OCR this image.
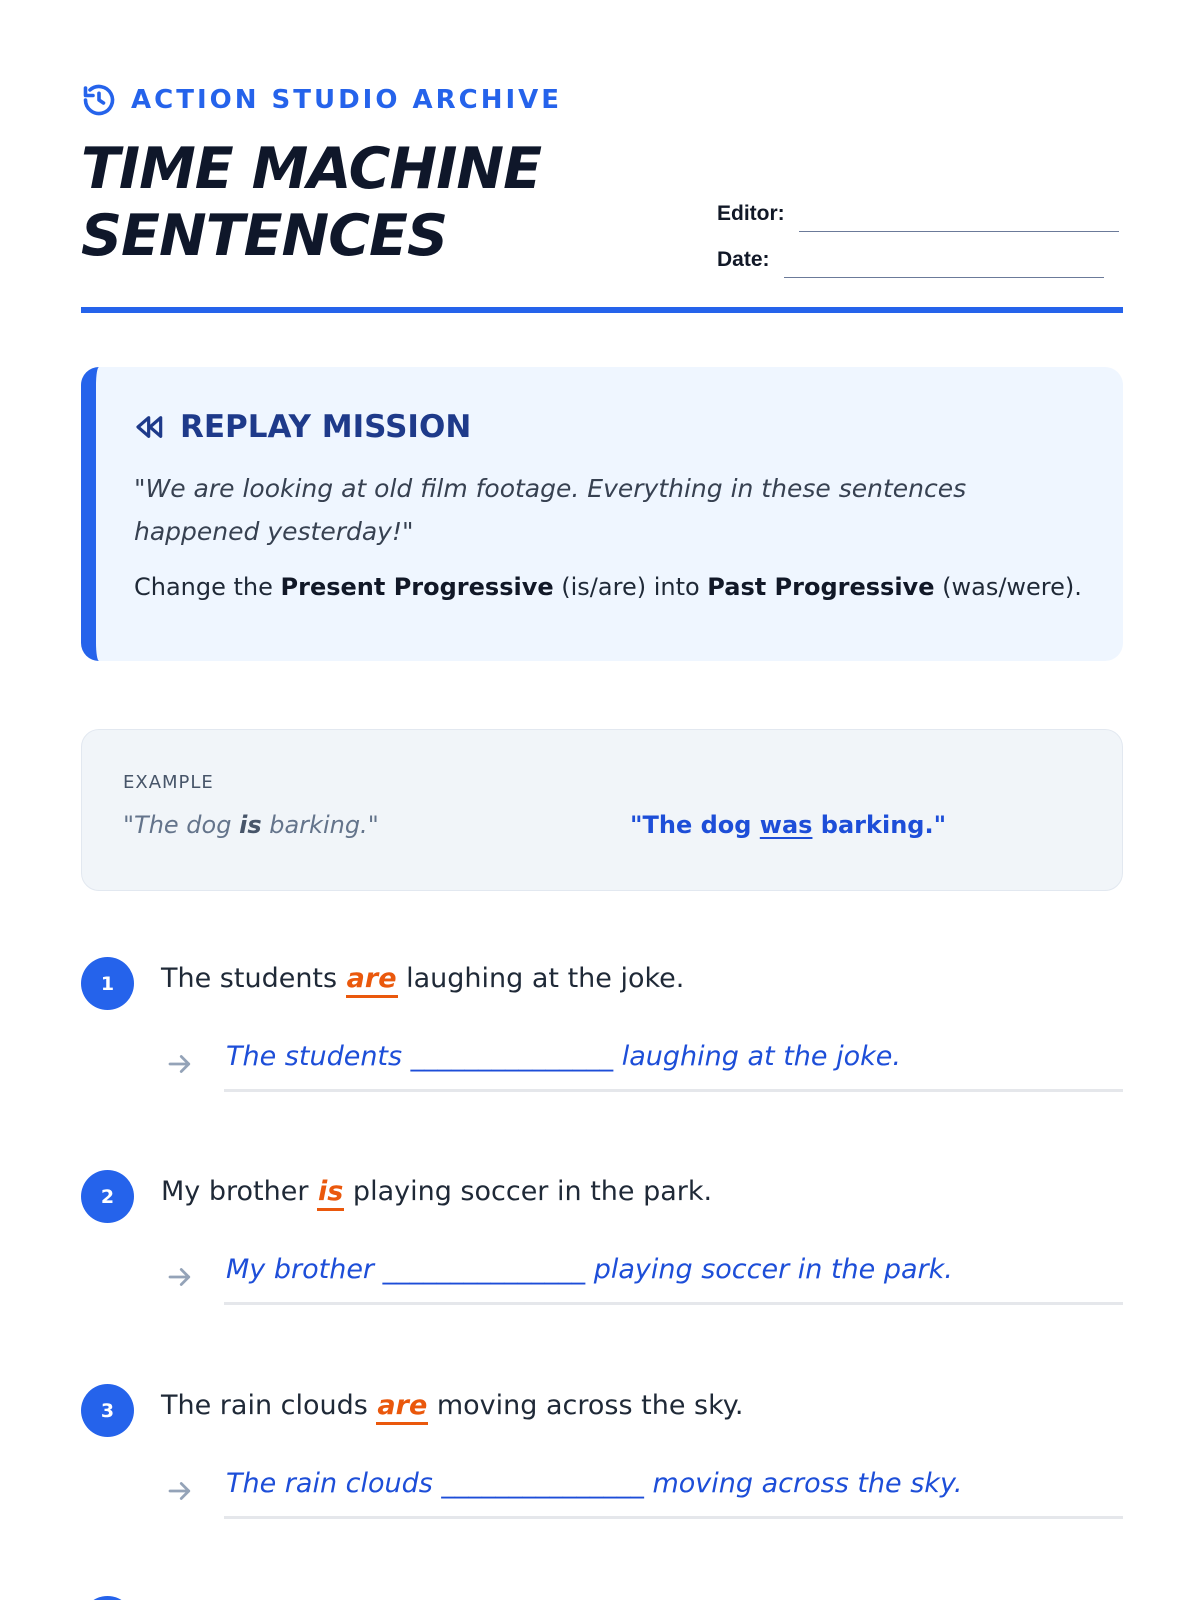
ACTION STUDIO ARCHIVE
TIME MACHINE
SENTENCES	Editor:
Date:
REPLAY MISSION
"We are looking at old film footage. Everything in these sentences happened yesterday!"
Change the Present Progressive (is/are) into Past Progressive (was/were).
EXAMPLE
"The dog is barking."	"The dog was barking."
1	The students are laughing at the joke.
The students _______________ laughing at the joke.
2	My brother is playing soccer in the park.
My brother _______________ playing soccer in the park.
3	The rain clouds are moving across the sky.
The rain clouds _______________ moving across the sky.
